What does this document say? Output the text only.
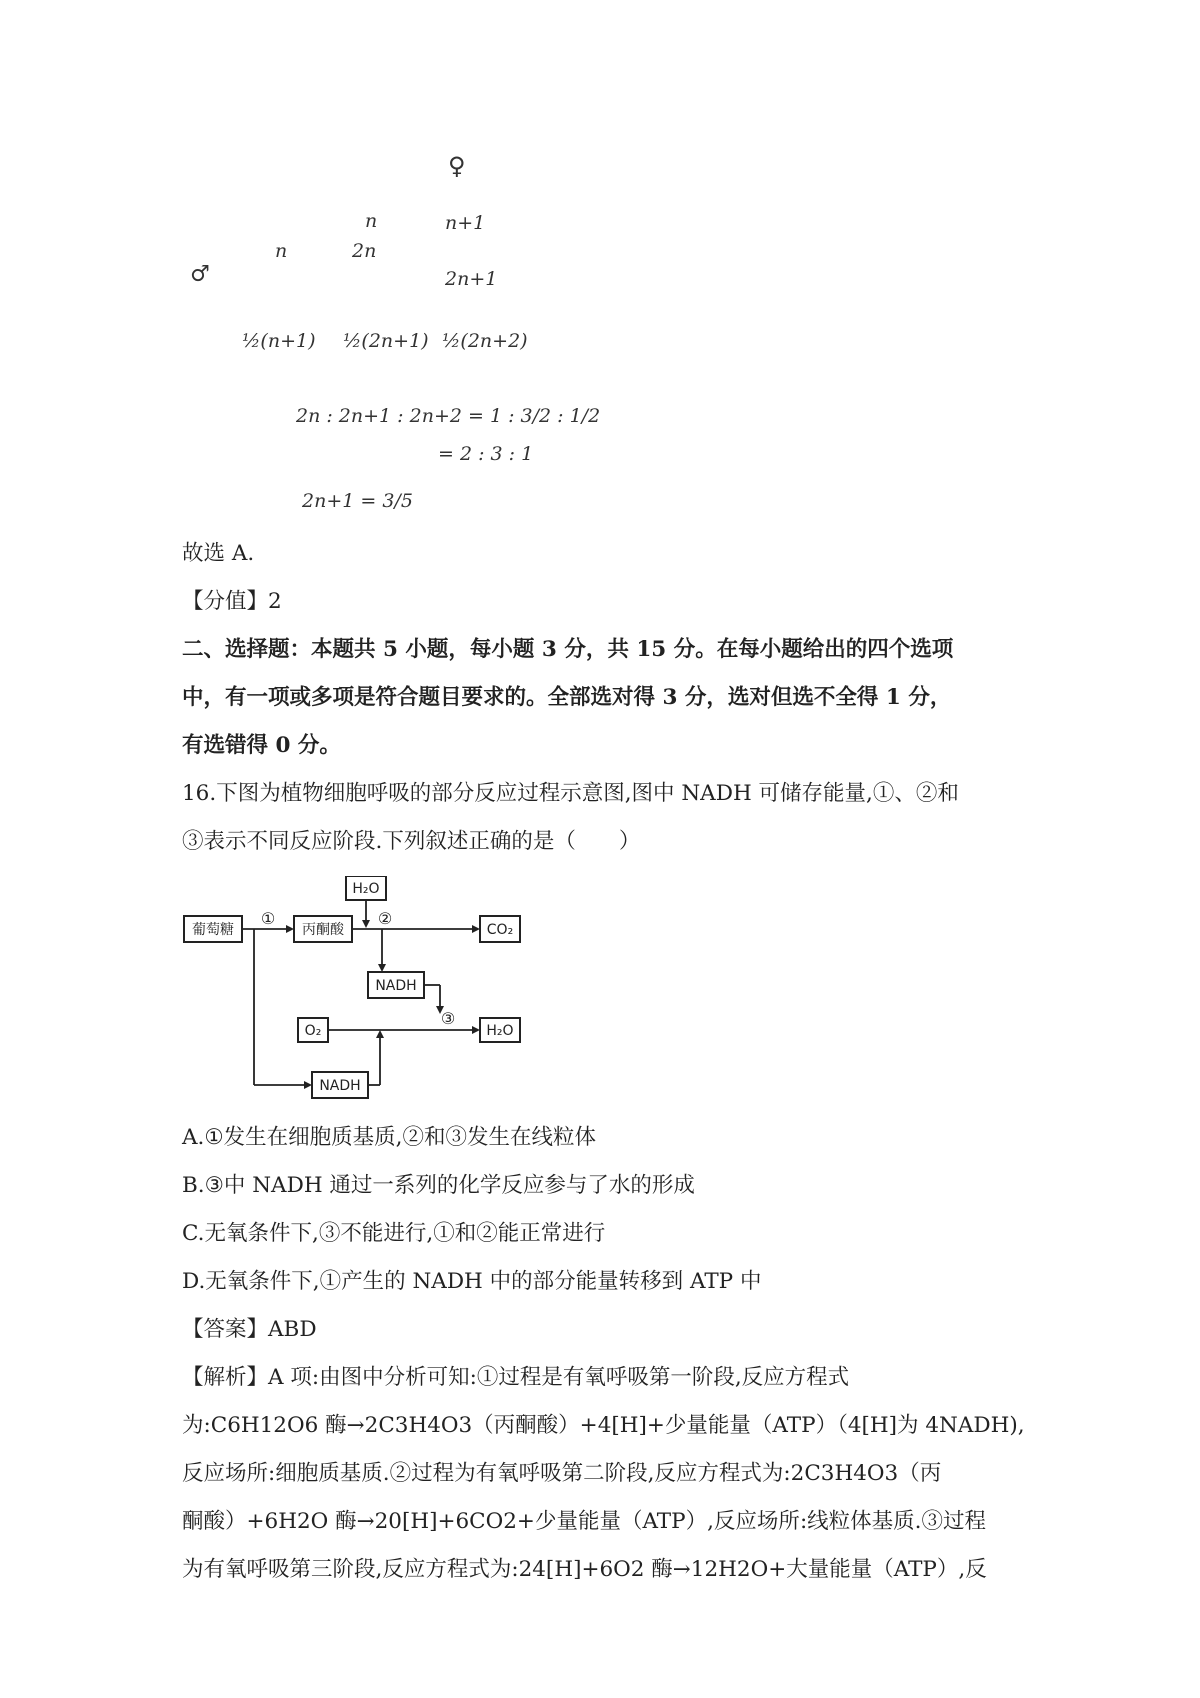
♀
n	n+1
♂
n	2n
2n+1
½(n+1) ½(2n+1) ½(2n+2)
2n : 2n+1 : 2n+2 = 1 : 3/2 : 1/2
= 2 : 3 : 1
2n+1 = 3/5
故选 A.
【分值】2
二、选择题：本题共 5 小题，每小题 3 分，共 15 分。在每小题给出的四个选项
中，有一项或多项是符合题目要求的。全部选对得 3 分，选对但选不全得 1 分，
有选错得 0 分。
16.下图为植物细胞呼吸的部分反应过程示意图,图中 NADH 可储存能量,①、②和
③表示不同反应阶段.下列叙述正确的是（　　）
葡萄糖	丙酮酸
H₂O
CO₂
NADH
O₂	H₂O
NADH
①	②
③
A.①发生在细胞质基质,②和③发生在线粒体
B.③中 NADH 通过一系列的化学反应参与了水的形成
C.无氧条件下,③不能进行,①和②能正常进行
D.无氧条件下,①产生的 NADH 中的部分能量转移到 ATP 中
【答案】ABD
【解析】A 项:由图中分析可知:①过程是有氧呼吸第一阶段,反应方程式
为:C6H12O6 酶→2C3H4O3（丙酮酸）+4[H]+少量能量（ATP）（4[H]为 4NADH),
反应场所:细胞质基质.②过程为有氧呼吸第二阶段,反应方程式为:2C3H4O3（丙
酮酸）+6H2O 酶→20[H]+6CO2+少量能量（ATP）,反应场所:线粒体基质.③过程
为有氧呼吸第三阶段,反应方程式为:24[H]+6O2 酶→12H2O+大量能量（ATP）,反
